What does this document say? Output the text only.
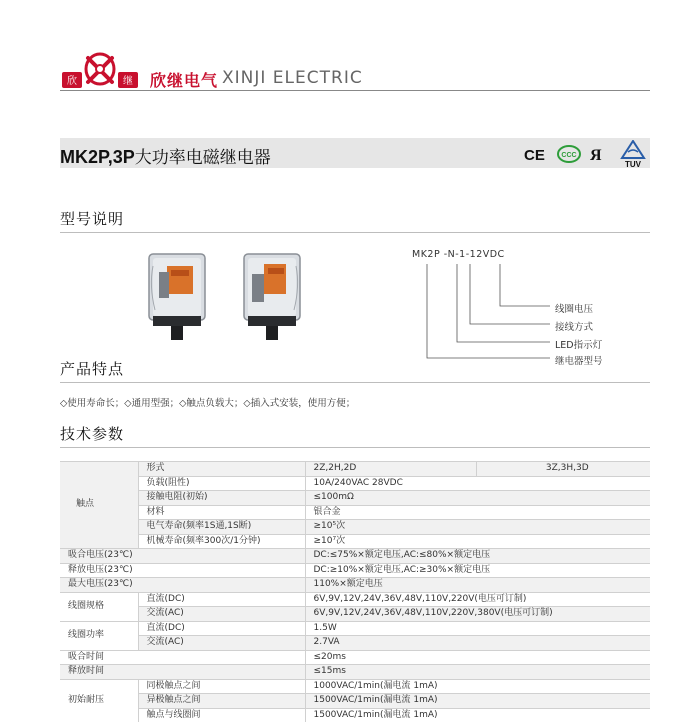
欣	继 欣继电气 XINJI ELECTRIC
MK2P,3P大功率电磁继电器	CE CCC Я
TUV
型号说明
MK2P -N-1-12VDC
线圈电压
接线方式
LED指示灯
继电器型号
产品特点
◇使用寿命长；◇通用型强；◇触点负载大；◇插入式安装，使用方便；
技术参数
触点	形式	2Z,2H,2D	3Z,3H,3D
	负载(阻性)	10A/240VAC 28VDC	
	接触电阻(初始)	≤100mΩ	
	材料	银合金	
	电气寿命(频率1S通,1S断)	≥10⁵次	
	机械寿命(频率300次/1分钟)	≥10⁷次	
吸合电压(23℃)		DC:≤75%×额定电压,AC:≤80%×额定电压	
释放电压(23℃)		DC:≥10%×额定电压,AC:≥30%×额定电压	
最大电压(23℃)		110%×额定电压	
线圈规格	直流(DC)	6V,9V,12V,24V,36V,48V,110V,220V(电压可订制)	
	交流(AC)	6V,9V,12V,24V,36V,48V,110V,220V,380V(电压可订制)	
线圈功率	直流(DC)	1.5W	
	交流(AC)	2.7VA	
吸合时间		≤20ms	
释放时间		≤15ms	
初始耐压	同极触点之间	1000VAC/1min(漏电流 1mA)	
	异极触点之间	1500VAC/1min(漏电流 1mA)	
	触点与线圈间	1500VAC/1min(漏电流 1mA)	
